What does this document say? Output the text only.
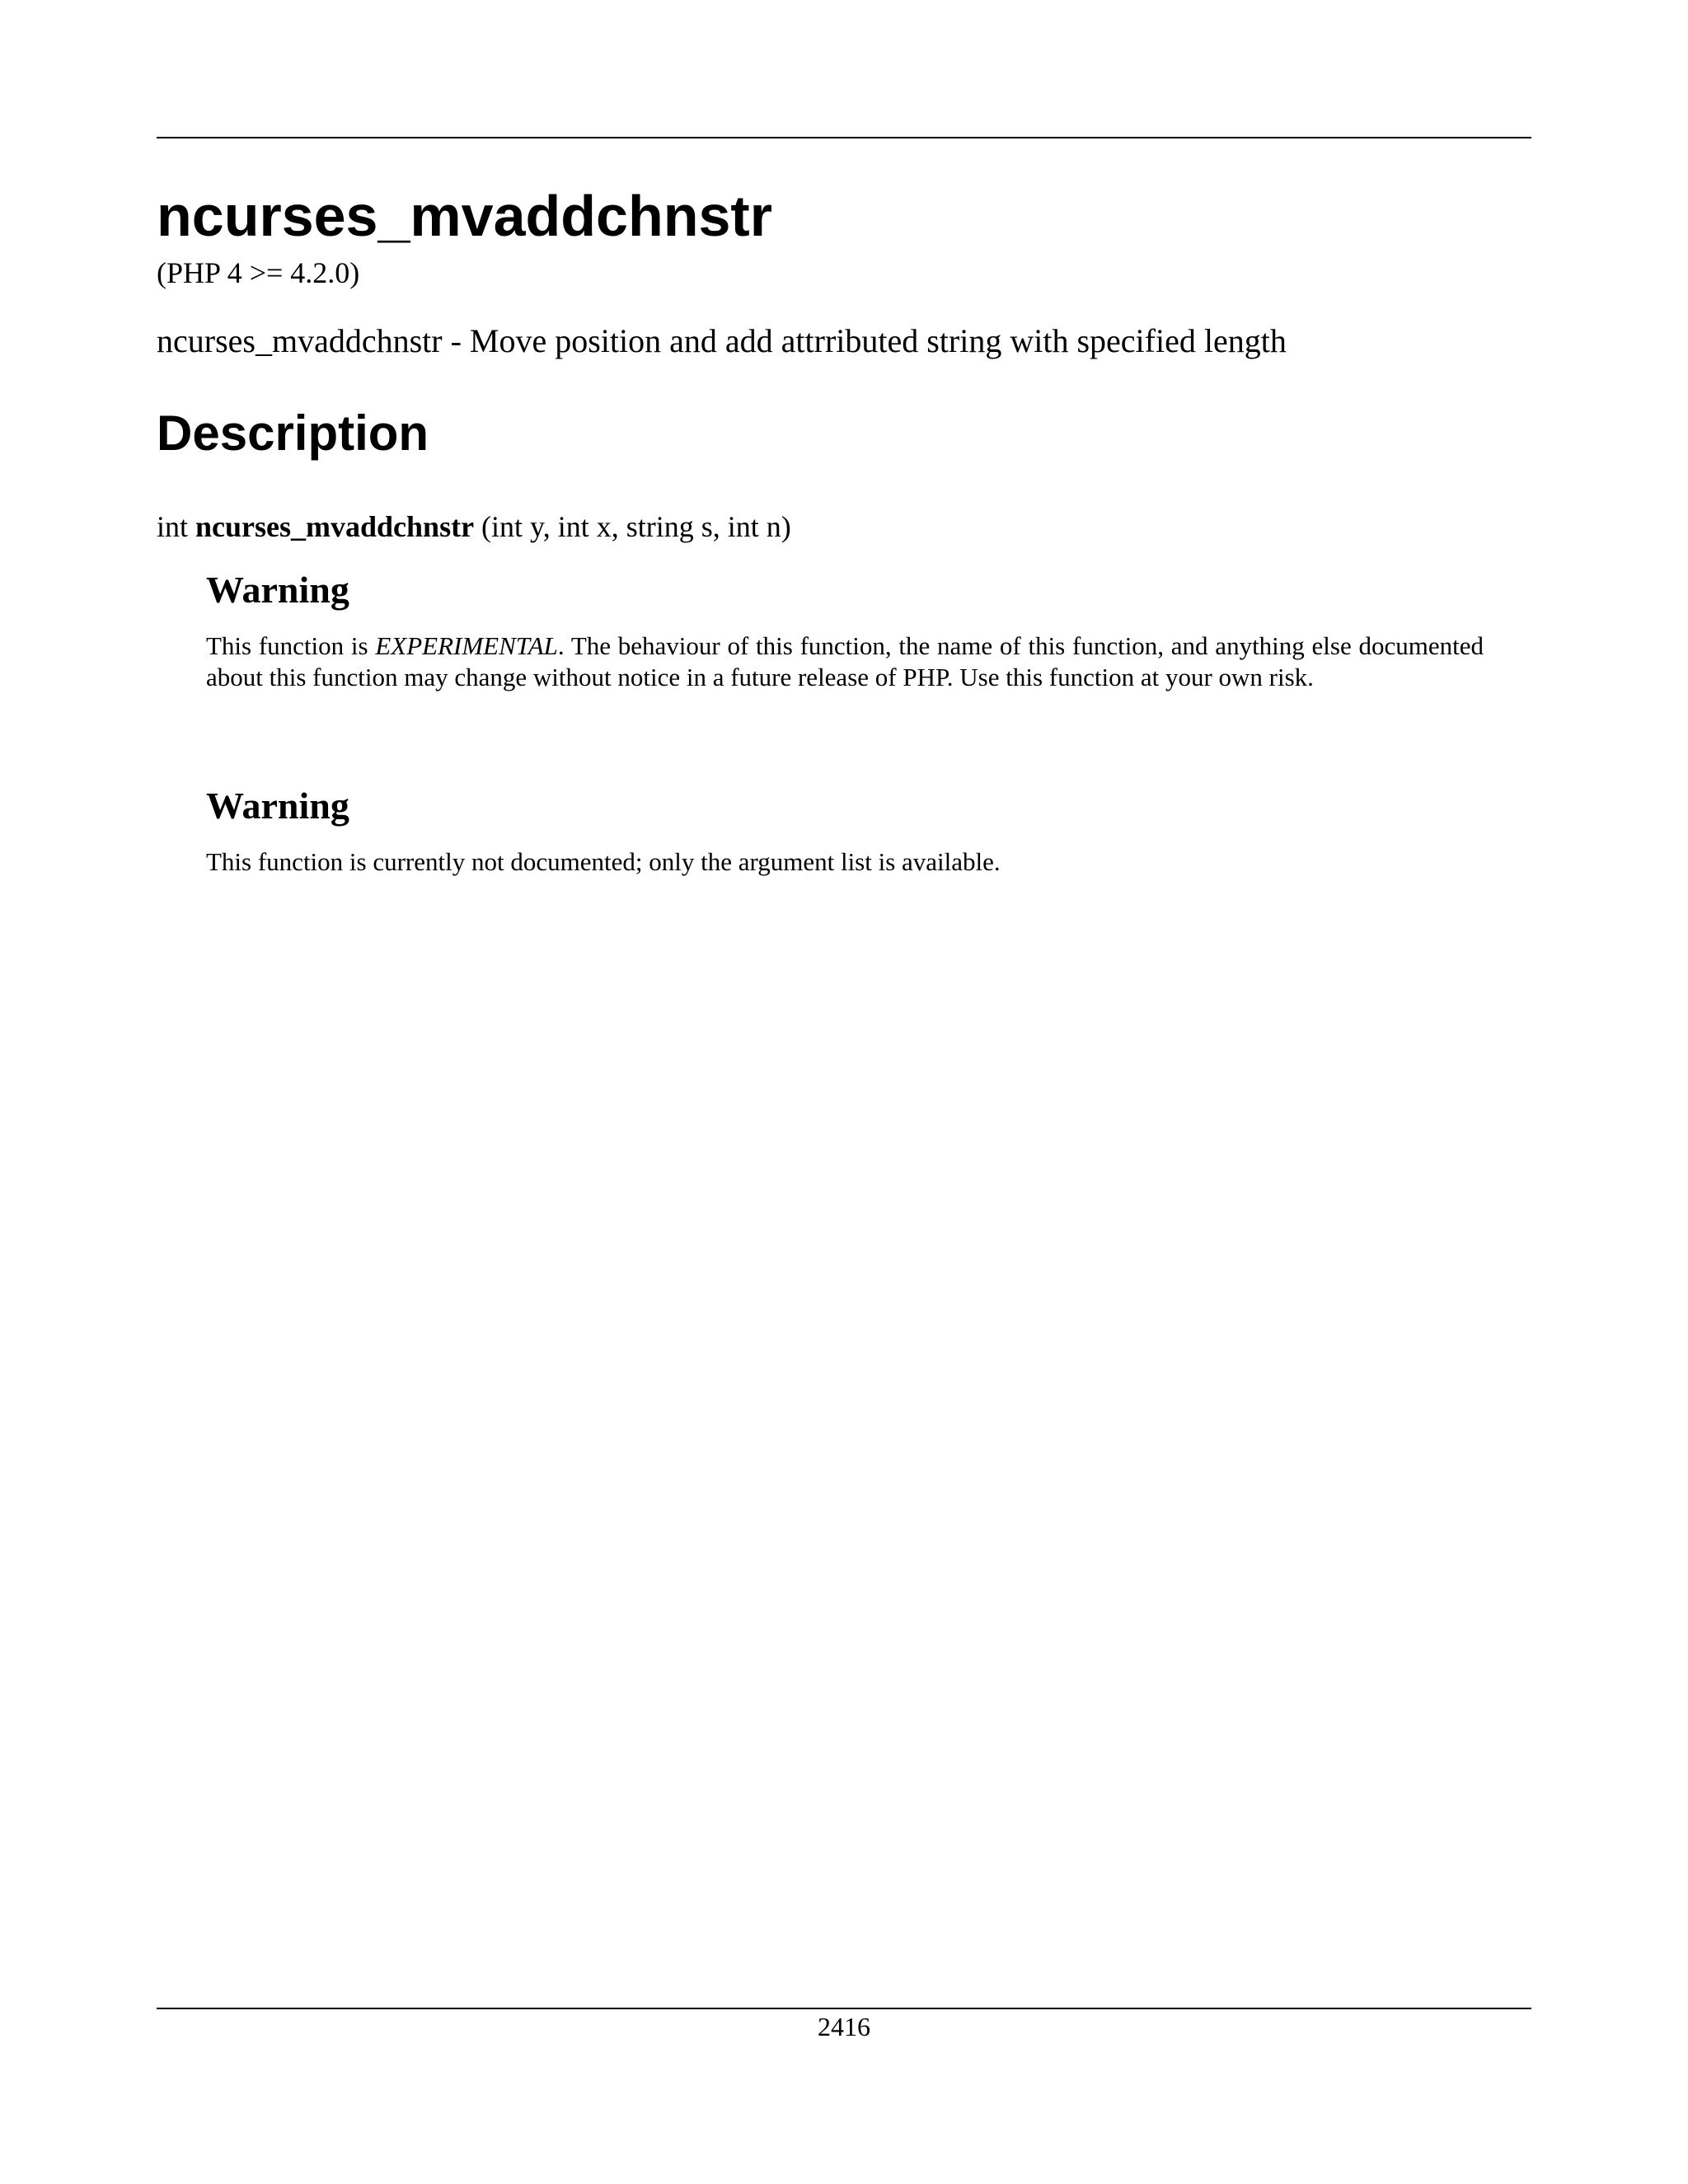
ncurses_mvaddchnstr
(PHP 4 >= 4.2.0)
ncurses_mvaddchnstr - Move position and add attrributed string with specified length
Description
int ncurses_mvaddchnstr (int y, int x, string s, int n)
Warning

This function is EXPERIMENTAL. The behaviour of this function, the name of this function, and anything else documented about this function may change without notice in a future release of PHP. Use this function at your own risk.

Warning

This function is currently not documented; only the argument list is available.

2416
